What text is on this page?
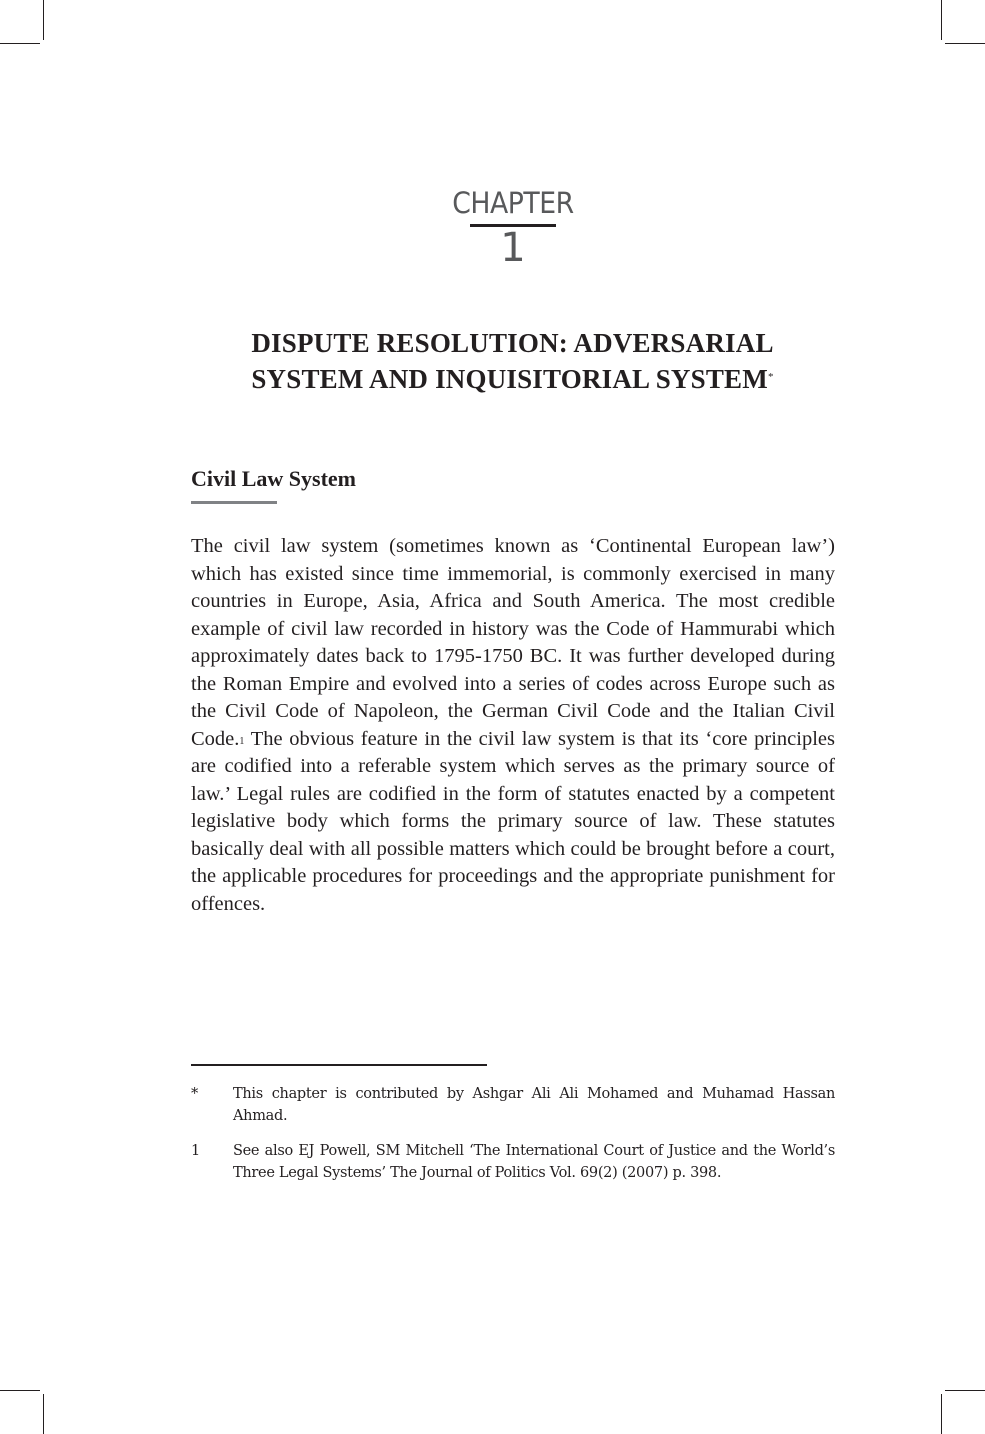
CHAPTER
1
DISPUTE RESOLUTION: ADVERSARIAL
SYSTEM AND INQUISITORIAL SYSTEM*
Civil Law System

The civil law system (sometimes known as ‘Continental European law’) which has existed since time immemorial, is commonly exercised in many countries in Europe, Asia, Africa and South America. The most credible example of civil law recorded in history was the Code of Hammurabi which approximately dates back to 1795-1750 BC. It was further developed during the Roman Empire and evolved into a series of codes across Europe such as the Civil Code of Napoleon, the German Civil Code and the Italian Civil Code.$^1$ The obvious feature in the civil law system is that its ‘core principles are codified into a referable system which serves as the primary source of law.’ Legal rules are codified in the form of statutes enacted by a competent legislative body which forms the primary source of law. These statutes basically deal with all possible matters which could be brought before a court, the applicable procedures for proceedings and the appropriate punishment for offences.

*	This chapter is contributed by Ashgar Ali Ali Mohamed and Muhamad Hassan Ahmad.
1	See also EJ Powell, SM Mitchell ‘The International Court of Justice and the World’s Three Legal Systems’ The Journal of Politics Vol. 69(2) (2007) p. 398.
